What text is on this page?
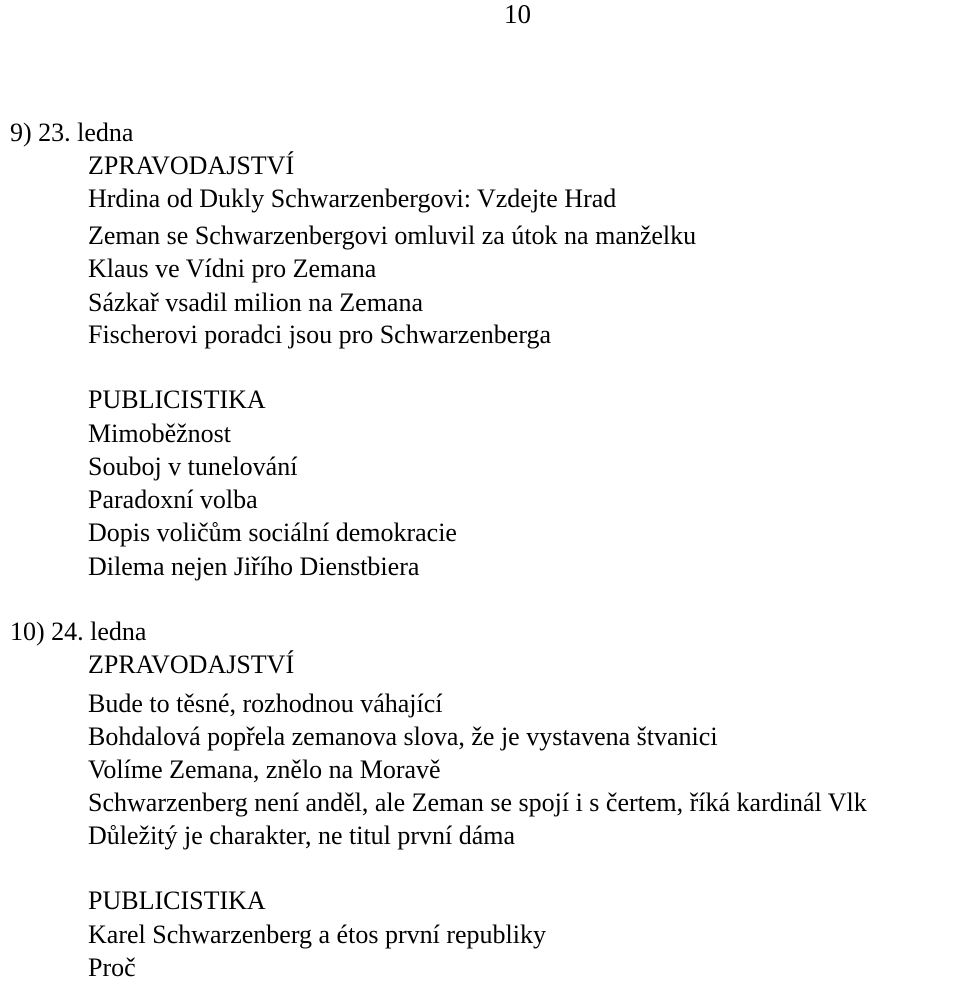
10
9) 23. ledna
ZPRAVODAJSTVÍ
Hrdina od Dukly Schwarzenbergovi: Vzdejte Hrad
Zeman se Schwarzenbergovi omluvil za útok na manželku
Klaus ve Vídni pro Zemana
Sázkař vsadil milion na Zemana
Fischerovi poradci jsou pro Schwarzenberga
PUBLICISTIKA
Mimoběžnost
Souboj v tunelování
Paradoxní volba
Dopis voličům sociální demokracie
Dilema nejen Jiřího Dienstbiera
10) 24. ledna
ZPRAVODAJSTVÍ
Bude to těsné, rozhodnou váhající
Bohdalová popřela zemanova slova, že je vystavena štvanici
Volíme Zemana, znělo na Moravě
Schwarzenberg není anděl, ale Zeman se spojí i s čertem, říká kardinál Vlk
Důležitý je charakter, ne titul první dáma
PUBLICISTIKA
Karel Schwarzenberg a étos první republiky
Proč
